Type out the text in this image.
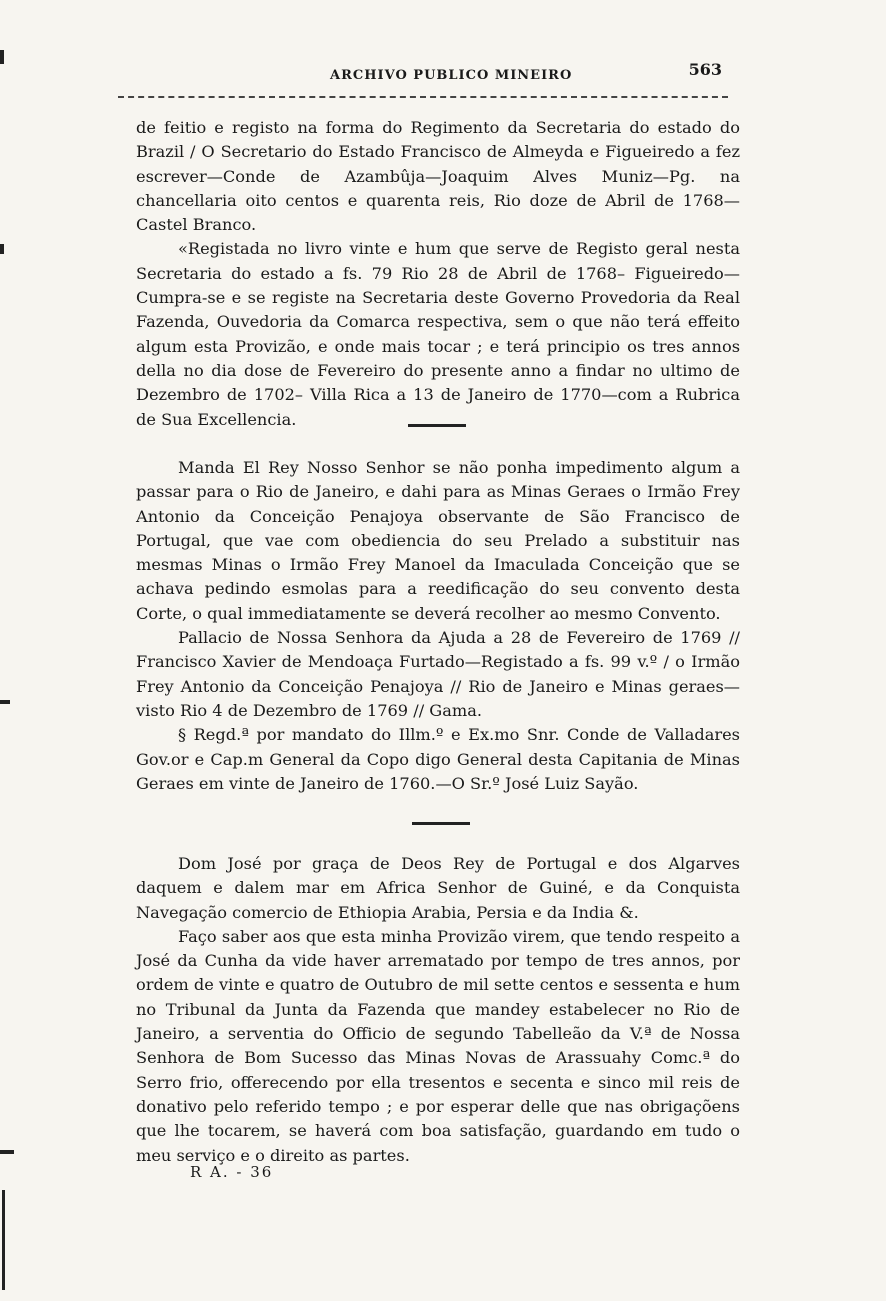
ARCHIVO PUBLICO MINEIRO	563

de feitio e registo na forma do Regimento da Secretaria do estado do Brazil / O Secretario do Estado Francisco de Almeyda e Figueiredo a fez escrever—Conde de Azambûja—Joaquim Alves Muniz—Pg. na chancellaria oito centos e quarenta reis, Rio doze de Abril de 1768—Castel Branco.

«Registada no livro vinte e hum que serve de Registo geral nesta Secretaria do estado a fs. 79 Rio 28 de Abril de 1768– Figueiredo—Cumpra-se e se registe na Secretaria deste Governo Provedoria da Real Fazenda, Ouvedoria da Comarca respectiva, sem o que não terá effeito algum esta Provizão, e onde mais tocar ; e terá principio os tres annos della no dia dose de Fevereiro do presente anno a findar no ultimo de Dezembro de 1702– Villa Rica a 13 de Janeiro de 1770—com a Rubrica de Sua Excellencia.

Manda El Rey Nosso Senhor se não ponha impedimento algum a passar para o Rio de Janeiro, e dahi para as Minas Geraes o Irmão Frey Antonio da Conceição Penajoya observante de São Francisco de Portugal, que vae com obediencia do seu Prelado a substituir nas mesmas Minas o Irmão Frey Manoel da Imaculada Conceição que se achava pedindo esmolas para a reedificação do seu convento desta Corte, o qual immediatamente se deverá recolher ao mesmo Convento.

Pallacio de Nossa Senhora da Ajuda a 28 de Fevereiro de 1769 // Francisco Xavier de Mendoaça Furtado—Registado a fs. 99 v.º / o Irmão Frey Antonio da Conceição Penajoya // Rio de Janeiro e Minas geraes—visto Rio 4 de Dezembro de 1769 // Gama.

§ Regd.ª por mandato do Illm.º e Ex.mo Snr. Conde de Valladares Gov.or e Cap.m General da Copo digo General desta Capitania de Minas Geraes em vinte de Janeiro de 1760.—O Sr.º José Luiz Sayão.

Dom José por graça de Deos Rey de Portugal e dos Algarves daquem e dalem mar em Africa Senhor de Guiné, e da Conquista Navegação comercio de Ethiopia Arabia, Persia e da India &.

Faço saber aos que esta minha Provizão virem, que tendo respeito a José da Cunha da vide haver arrematado por tempo de tres annos, por ordem de vinte e quatro de Outubro de mil sette centos e sessenta e hum no Tribunal da Junta da Fazenda que mandey estabelecer no Rio de Janeiro, a serventia do Officio de segundo Tabelleão da V.ª de Nossa Senhora de Bom Sucesso das Minas Novas de Arassuahy Comc.ª do Serro frio, offerecendo por ella tresentos e secenta e sinco mil reis de donativo pelo referido tempo ; e por esperar delle que nas obrigaçõens que lhe tocarem, se haverá com boa satisfação, guardando em tudo o meu serviço e o direito as partes.

R A. - 36
